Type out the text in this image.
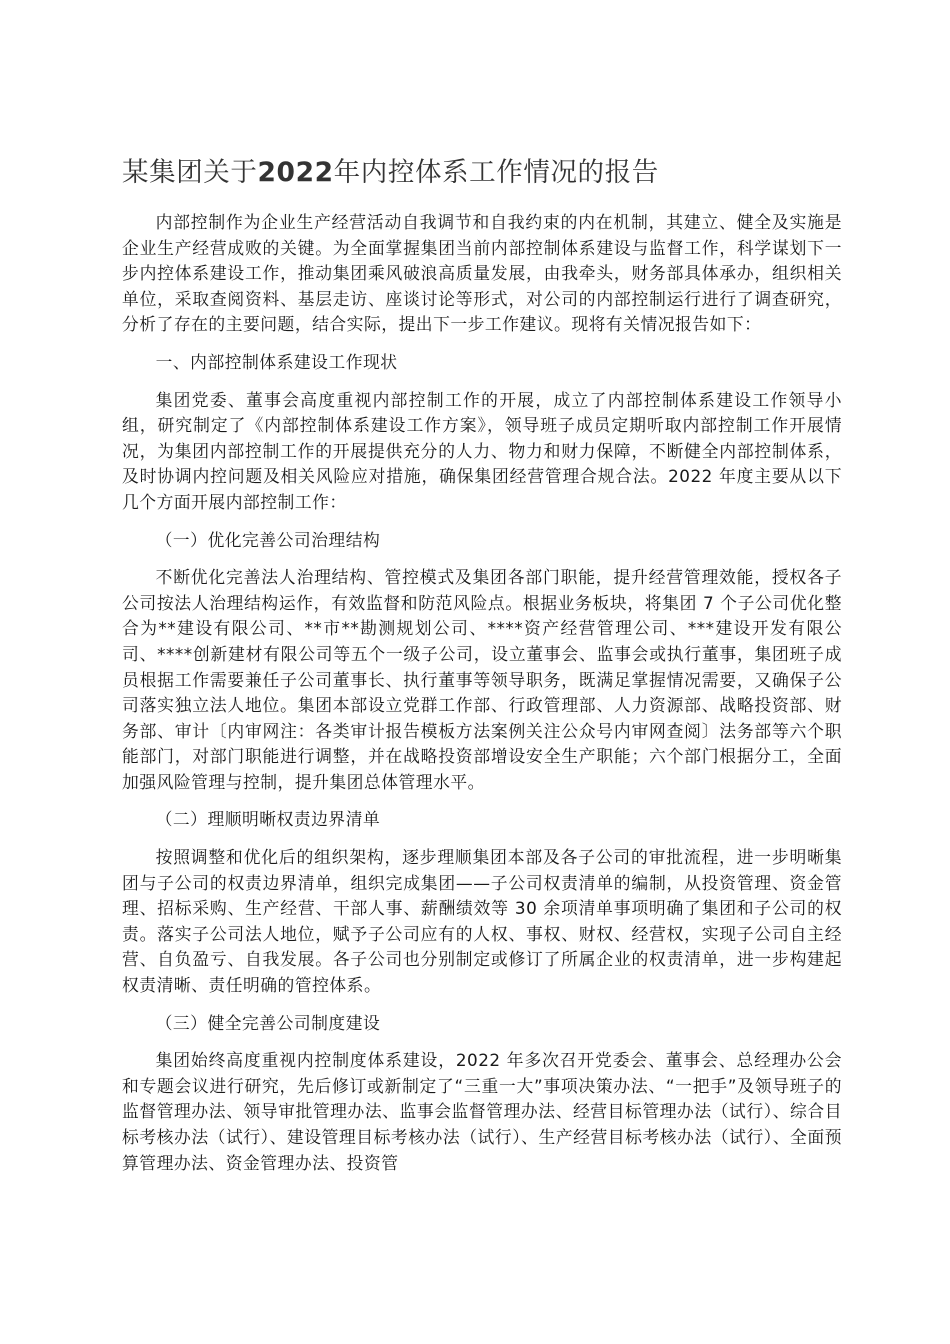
某集团关于2022年内控体系工作情况的报告

内部控制作为企业生产经营活动自我调节和自我约束的内在机制，其建立、健全及实施是企业生产经营成败的关键。为全面掌握集团当前内部控制体系建设与监督工作，科学谋划下一步内控体系建设工作，推动集团乘风破浪高质量发展，由我牵头，财务部具体承办，组织相关单位，采取查阅资料、基层走访、座谈讨论等形式，对公司的内部控制运行进行了调查研究，分析了存在的主要问题，结合实际，提出下一步工作建议。现将有关情况报告如下：

一、内部控制体系建设工作现状

集团党委、董事会高度重视内部控制工作的开展，成立了内部控制体系建设工作领导小组，研究制定了《内部控制体系建设工作方案》，领导班子成员定期听取内部控制工作开展情况，为集团内部控制工作的开展提供充分的人力、物力和财力保障，不断健全内部控制体系，及时协调内控问题及相关风险应对措施，确保集团经营管理合规合法。2022 年度主要从以下几个方面开展内部控制工作：

（一）优化完善公司治理结构

不断优化完善法人治理结构、管控模式及集团各部门职能，提升经营管理效能，授权各子公司按法人治理结构运作，有效监督和防范风险点。根据业务板块，将集团 7 个子公司优化整合为**建设有限公司、**市**勘测规划公司、****资产经营管理公司、***建设开发有限公司、****创新建材有限公司等五个一级子公司，设立董事会、监事会或执行董事，集团班子成员根据工作需要兼任子公司董事长、执行董事等领导职务，既满足掌握情况需要，又确保子公司落实独立法人地位。集团本部设立党群工作部、行政管理部、人力资源部、战略投资部、财务部、审计〔内审网注：各类审计报告模板方法案例关注公众号内审网查阅〕法务部等六个职能部门，对部门职能进行调整，并在战略投资部增设安全生产职能；六个部门根据分工，全面加强风险管理与控制，提升集团总体管理水平。

（二）理顺明晰权责边界清单

按照调整和优化后的组织架构，逐步理顺集团本部及各子公司的审批流程，进一步明晰集团与子公司的权责边界清单，组织完成集团——子公司权责清单的编制，从投资管理、资金管理、招标采购、生产经营、干部人事、薪酬绩效等 30 余项清单事项明确了集团和子公司的权责。落实子公司法人地位，赋予子公司应有的人权、事权、财权、经营权，实现子公司自主经营、自负盈亏、自我发展。各子公司也分别制定或修订了所属企业的权责清单，进一步构建起权责清晰、责任明确的管控体系。

（三）健全完善公司制度建设

集团始终高度重视内控制度体系建设，2022 年多次召开党委会、董事会、总经理办公会和专题会议进行研究，先后修订或新制定了“三重一大”事项决策办法、“一把手”及领导班子的监督管理办法、领导审批管理办法、监事会监督管理办法、经营目标管理办法（试行）、综合目标考核办法（试行）、建设管理目标考核办法（试行）、生产经营目标考核办法（试行）、全面预算管理办法、资金管理办法、投资管
